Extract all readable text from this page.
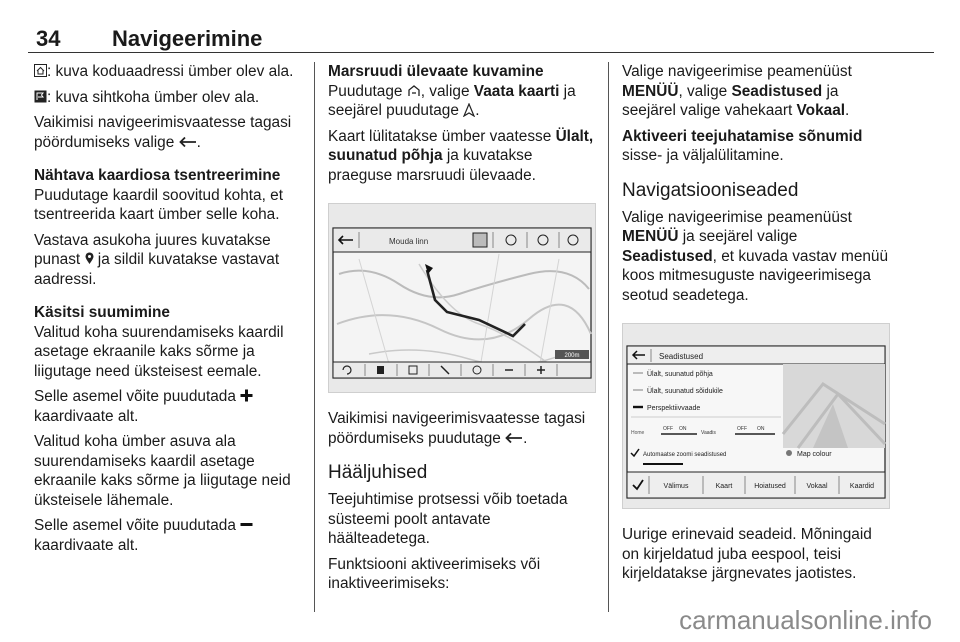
34 Navigeerimine

: kuva koduaadressi ümber olev ala.

: kuva sihtkoha ümber olev ala.

Vaikimisi navigeerimisvaatesse tagasi pöördumiseks valige .

Nähtava kaardiosa tsentreerimine

Puudutage kaardil soovitud kohta, et tsentreerida kaart ümber selle koha.

Vastava asukoha juures kuvatakse punast ja sildil kuvatakse vastavat aadressi.

Käsitsi suumimine

Valitud koha suurendamiseks kaardil asetage ekraanile kaks sõrme ja liigutage need üksteisest eemale.

Selle asemel võite puudutada
kaardivaate alt.

Valitud koha ümber asuva ala suurendamiseks kaardil asetage ekraanile kaks sõrme ja liigutage neid üksteisele lähemale.

Selle asemel võite puudutada
kaardivaate alt.

Marsruudi ülevaate kuvamine

Puudutage , valige Vaata kaarti ja seejärel puudutage .

Kaart lülitatakse ümber vaatesse Ülalt, suunatud põhja ja kuvatakse praeguse marsruudi ülevaade.

Mouda linn
200m

Vaikimisi navigeerimisvaatesse tagasi pöördumiseks puudutage .

Hääljuhised

Teejuhtimise protsessi võib toetada süsteemi poolt antavate häälteadetega.

Funktsiooni aktiveerimiseks või inaktiveerimiseks:

Valige navigeerimise peamenüüst MENÜÜ, valige Seadistused ja seejärel valige vahekaart Vokaal.

Aktiveeri teejuhatamise sõnumid
sisse- ja väljalülitamine.

Navigatsiooniseaded

Valige navigeerimise peamenüüst MENÜÜ ja seejärel valige Seadistused, et kuvada vastav menüü koos mitmesuguste navigeerimisega seotud seadetega.

Seadistused
Ülalt, suunatud põhja
Ülalt, suunatud sõidukile
Perspektiivvaade
Home
OFF ON
Vaadis
OFF ON
Automaatse zoomi seadistused	Map colour
Välimus	Kaart	Hoiatused	Vokaal	Kaardid

Uurige erinevaid seadeid. Mõningaid on kirjeldatud juba eespool, teisi kirjeldatakse järgnevates jaotistes.

carmanualsonline.info
